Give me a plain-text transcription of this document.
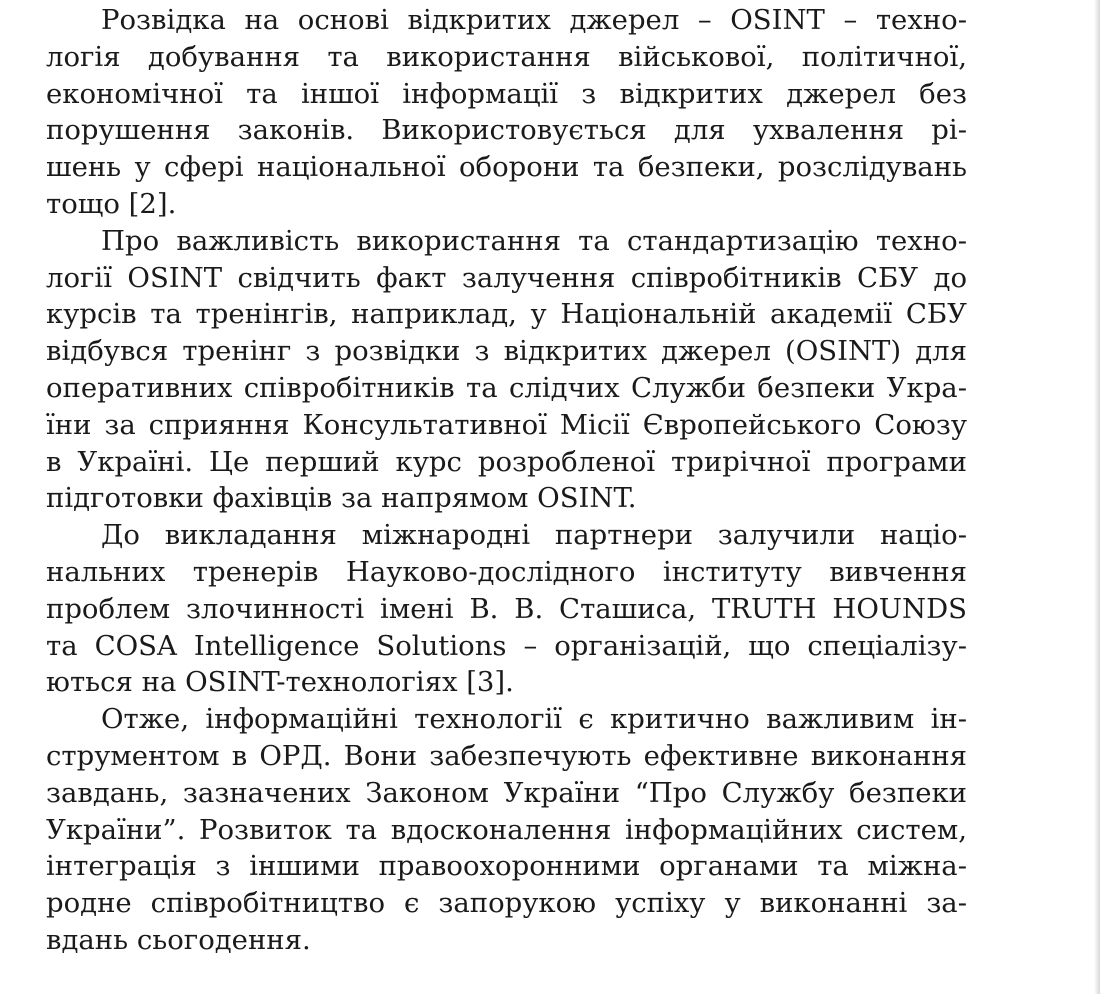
Розвідка на основі відкритих джерел – OSINT – техно-
логія добування та використання військової, політичної,
економічної та іншої інформації з відкритих джерел без
порушення законів. Використовується для ухвалення рі-
шень у сфері національної оборони та безпеки, розслідувань
тощо [2].
Про важливість використання та стандартизацію техно-
логії OSINT свідчить факт залучення співробітників СБУ до
курсів та тренінгів, наприклад, у Національній академії СБУ
відбувся тренінг з розвідки з відкритих джерел (OSINT) для
оперативних співробітників та слідчих Служби безпеки Укра-
їни за сприяння Консультативної Місії Європейського Союзу
в Україні. Це перший курс розробленої трирічної програми
підготовки фахівців за напрямом OSINT.
До викладання міжнародні партнери залучили націо-
нальних тренерів Науково-дослідного інституту вивчення
проблем злочинності імені В. В. Сташиса, TRUTH HOUNDS
та COSA Intelligence Solutions – організацій, що спеціалізу-
ються на OSINT-технологіях [3].
Отже, інформаційні технології є критично важливим ін-
струментом в ОРД. Вони забезпечують ефективне виконання
завдань, зазначених Законом України “Про Службу безпеки
України”. Розвиток та вдосконалення інформаційних систем,
інтеграція з іншими правоохоронними органами та міжна-
родне співробітництво є запорукою успіху у виконанні за-
вдань сьогодення.
